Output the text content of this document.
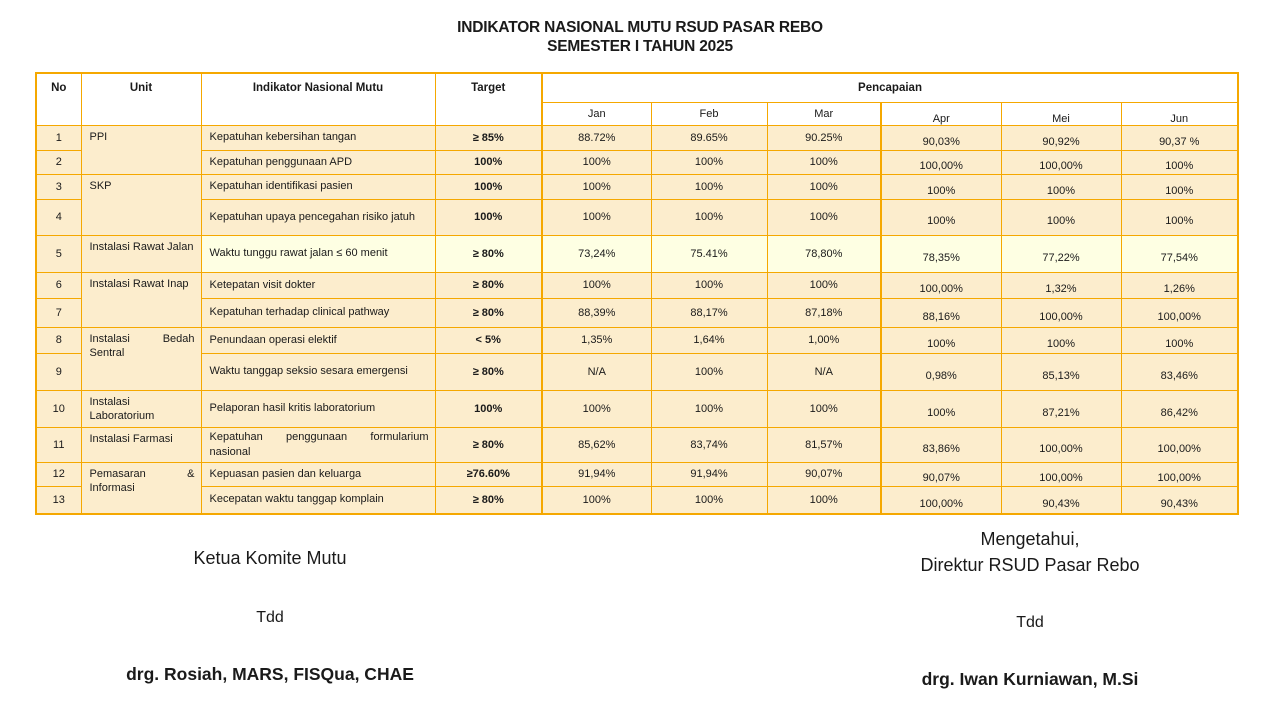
INDIKATOR NASIONAL MUTU RSUD PASAR REBO
SEMESTER I TAHUN 2025
No	Unit	Indikator Nasional Mutu	Target	Pencapaian					
				Jan	Feb	Mar	Apr	Mei	Jun
1	PPI	Kepatuhan kebersihan tangan	≥ 85%	88.72%	89.65%	90.25%	90,03%	90,92%	90,37 %
2		Kepatuhan penggunaan APD	100%	100%	100%	100%	100,00%	100,00%	100%
3	SKP	Kepatuhan identifikasi pasien	100%	100%	100%	100%	100%	100%	100%
4		Kepatuhan upaya pencegahan risiko jatuh	100%	100%	100%	100%	100%	100%	100%
5	Instalasi Rawat Jalan	Waktu tunggu rawat jalan ≤ 60 menit	≥ 80%	73,24%	75.41%	78,80%	78,35%	77,22%	77,54%
6	Instalasi Rawat Inap	Ketepatan visit dokter	≥ 80%	100%	100%	100%	100,00%	1,32%	1,26%
7		Kepatuhan terhadap clinical pathway	≥ 80%	88,39%	88,17%	87,18%	88,16%	100,00%	100,00%
8	Instalasi Bedah Sentral	Penundaan operasi elektif	< 5%	1,35%	1,64%	1,00%	100%	100%	100%
9		Waktu tanggap seksio sesara emergensi	≥ 80%	N/A	100%	N/A	0,98%	85,13%	83,46%
10	Instalasi Laboratorium	Pelaporan hasil kritis laboratorium	100%	100%	100%	100%	100%	87,21%	86,42%
11	Instalasi Farmasi	Kepatuhan penggunaan formularium nasional	≥ 80%	85,62%	83,74%	81,57%	83,86%	100,00%	100,00%
12	Pemasaran & Informasi	Kepuasan pasien dan keluarga	≥76.60%	91,94%	91,94%	90,07%	90,07%	100,00%	100,00%
13		Kecepatan waktu tanggap komplain	≥ 80%	100%	100%	100%	100,00%	90,43%	90,43%
Ketua Komite Mutu
Tdd
drg. Rosiah, MARS, FISQua, CHAE
Mengetahui,
Direktur RSUD Pasar Rebo
Tdd
drg. Iwan Kurniawan, M.Si
